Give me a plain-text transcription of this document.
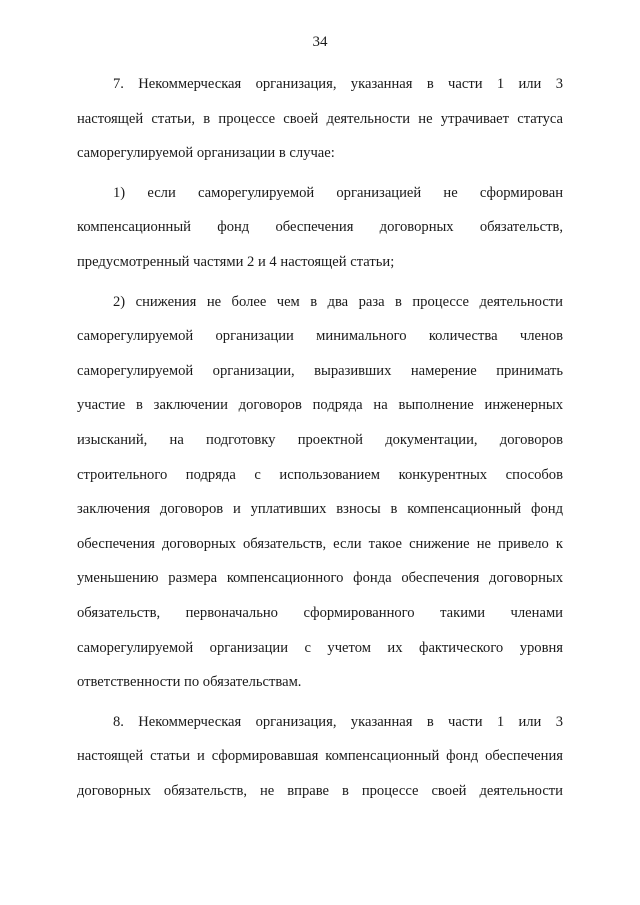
34
7. Некоммерческая организация, указанная в части 1 или 3
настоящей статьи, в процессе своей деятельности не утрачивает статуса
саморегулируемой организации в случае:
1) если саморегулируемой организацией не сформирован
компенсационный фонд обеспечения договорных обязательств,
предусмотренный частями 2 и 4 настоящей статьи;
2) снижения не более чем в два раза в процессе деятельности
саморегулируемой организации минимального количества членов
саморегулируемой организации, выразивших намерение принимать
участие в заключении договоров подряда на выполнение инженерных
изысканий, на подготовку проектной документации, договоров
строительного подряда с использованием конкурентных способов
заключения договоров и уплативших взносы в компенсационный фонд
обеспечения договорных обязательств, если такое снижение не привело к
уменьшению размера компенсационного фонда обеспечения договорных
обязательств, первоначально сформированного такими членами
саморегулируемой организации с учетом их фактического уровня
ответственности по обязательствам.
8. Некоммерческая организация, указанная в части 1 или 3
настоящей статьи и сформировавшая компенсационный фонд обеспечения
договорных обязательств, не вправе в процессе своей деятельности
